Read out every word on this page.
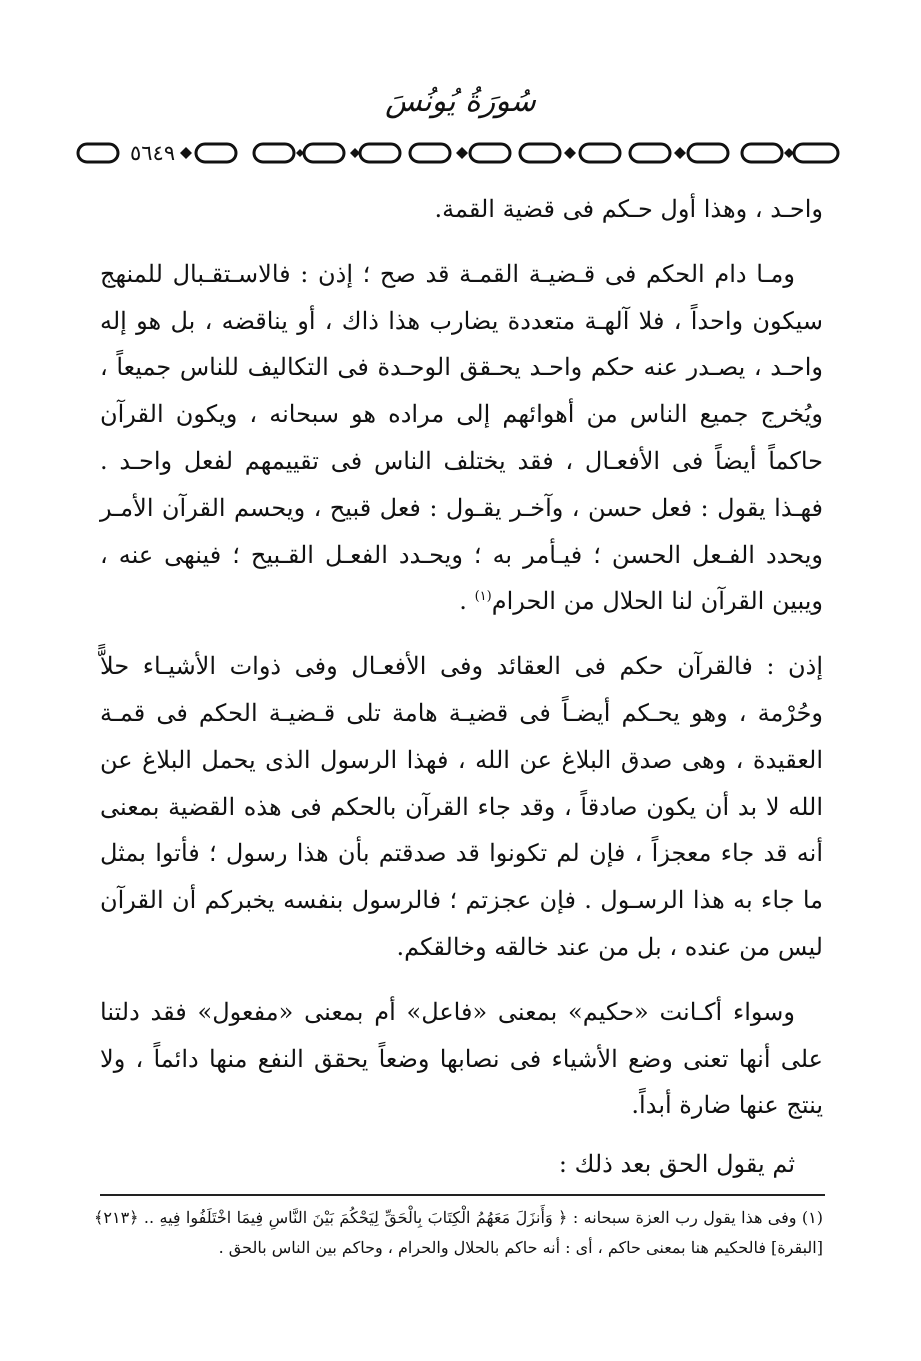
سُورَةُ يُونُسَ
٥٦٤٩

واحـد ، وهذا أول حـكم فى قضية القمة.

ومـا دام الحكم فى قـضيـة القمـة قد صح ؛ إذن : فالاسـتقـبال للمنهج سيكون واحداً ، فلا آلهـة متعددة يضارب هذا ذاك ، أو يناقضه ، بل هو إله واحـد ، يصـدر عنه حكم واحـد يحـقق الوحـدة فى التكاليف للناس جميعاً ، ويُخرج جميع الناس من أهوائهم إلى مراده هو سبحانه ، ويكون القرآن حاكماً أيضاً فى الأفعـال ، فقد يختلف الناس فى تقييمهم لفعل واحـد . فهـذا يقول : فعل حسن ، وآخـر يقـول : فعل قبيح ، ويحسم القرآن الأمـر ويحدد الفـعل الحسن ؛ فيـأمر به ؛ ويحـدد الفعـل القـبيح ؛ فينهى عنه ، ويبين القرآن لنا الحلال من الحرام$^{(١)}$ .

إذن : فالقرآن حكم فى العقائد وفى الأفعـال وفى ذوات الأشيـاء حلاًّ وحُرْمة ، وهو يحـكم أيضـاً فى قضيـة هامة تلى قـضيـة الحكم فى قمـة العقيدة ، وهى صدق البلاغ عن الله ، فهذا الرسول الذى يحمل البلاغ عن الله لا بد أن يكون صادقاً ، وقد جاء القرآن بالحكم فى هذه القضية بمعنى أنه قد جاء معجزاً ، فإن لم تكونوا قد صدقتم بأن هذا رسول ؛ فأتوا بمثل ما جاء به هذا الرسـول . فإن عجزتم ؛ فالرسول بنفسه يخبركم أن القرآن ليس من عنده ، بل من عند خالقه وخالقكم.

وسواء أكـانت «حكيم» بمعنى «فاعل» أم بمعنى «مفعول» فقد دلتنا على أنها تعنى وضع الأشياء فى نصابها وضعاً يحقق النفع منها دائماً ، ولا ينتج عنها ضارة أبداً.

ثم يقول الحق بعد ذلك :

(١) وفى هذا يقول رب العزة سبحانه : ﴿ وَأَنزَلَ مَعَهُمُ الْكِتَابَ بِالْحَقِّ لِيَحْكُمَ بَيْنَ النَّاسِ فِيمَا اخْتَلَفُوا فِيهِ .. ﴿٢١٣﴾ [البقرة] فالحكيم هنا بمعنى حاكم ، أى : أنه حاكم بالحلال والحرام ، وحاكم بين الناس بالحق .
